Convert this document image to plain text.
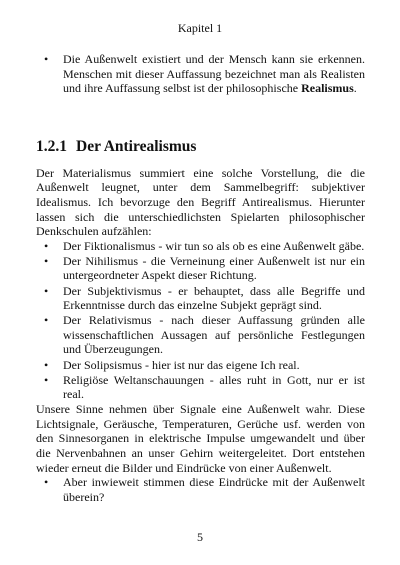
Kapitel 1
• Die Außenwelt existiert und der Mensch kann sie erkennen. Menschen mit dieser Auffassung bezeichnet man als Realisten und ihre Auffassung selbst ist der philosophische Realismus.
1.2.1 Der Antirealismus

Der Materialismus summiert eine solche Vorstellung, die die Außenwelt leugnet, unter dem Sammelbegriff: subjektiver Idealismus. Ich bevorzuge den Begriff Antirealismus. Hierunter lassen sich die unterschiedlichsten Spielarten philosophischer Denkschulen aufzählen:

• Der Fiktionalismus - wir tun so als ob es eine Außenwelt gäbe.
• Der Nihilismus - die Verneinung einer Außenwelt ist nur ein untergeordneter Aspekt dieser Richtung.
• Der Subjektivismus - er behauptet, dass alle Begriffe und Erkenntnisse durch das einzelne Subjekt geprägt sind.
• Der Relativismus - nach dieser Auffassung gründen alle wissenschaftlichen Aussagen auf persönliche Festlegungen und Überzeugungen.
• Der Solipsismus - hier ist nur das eigene Ich real.
• Religiöse Weltanschauungen - alles ruht in Gott, nur er ist real.

Unsere Sinne nehmen über Signale eine Außenwelt wahr. Diese Lichtsignale, Geräusche, Temperaturen, Gerüche usf. werden von den Sinnesorganen in elektrische Impulse umgewandelt und über die Nervenbahnen an unser Gehirn weitergeleitet. Dort entstehen wieder erneut die Bilder und Eindrücke von einer Außenwelt.

• Aber inwieweit stimmen diese Eindrücke mit der Außenwelt überein?
5
